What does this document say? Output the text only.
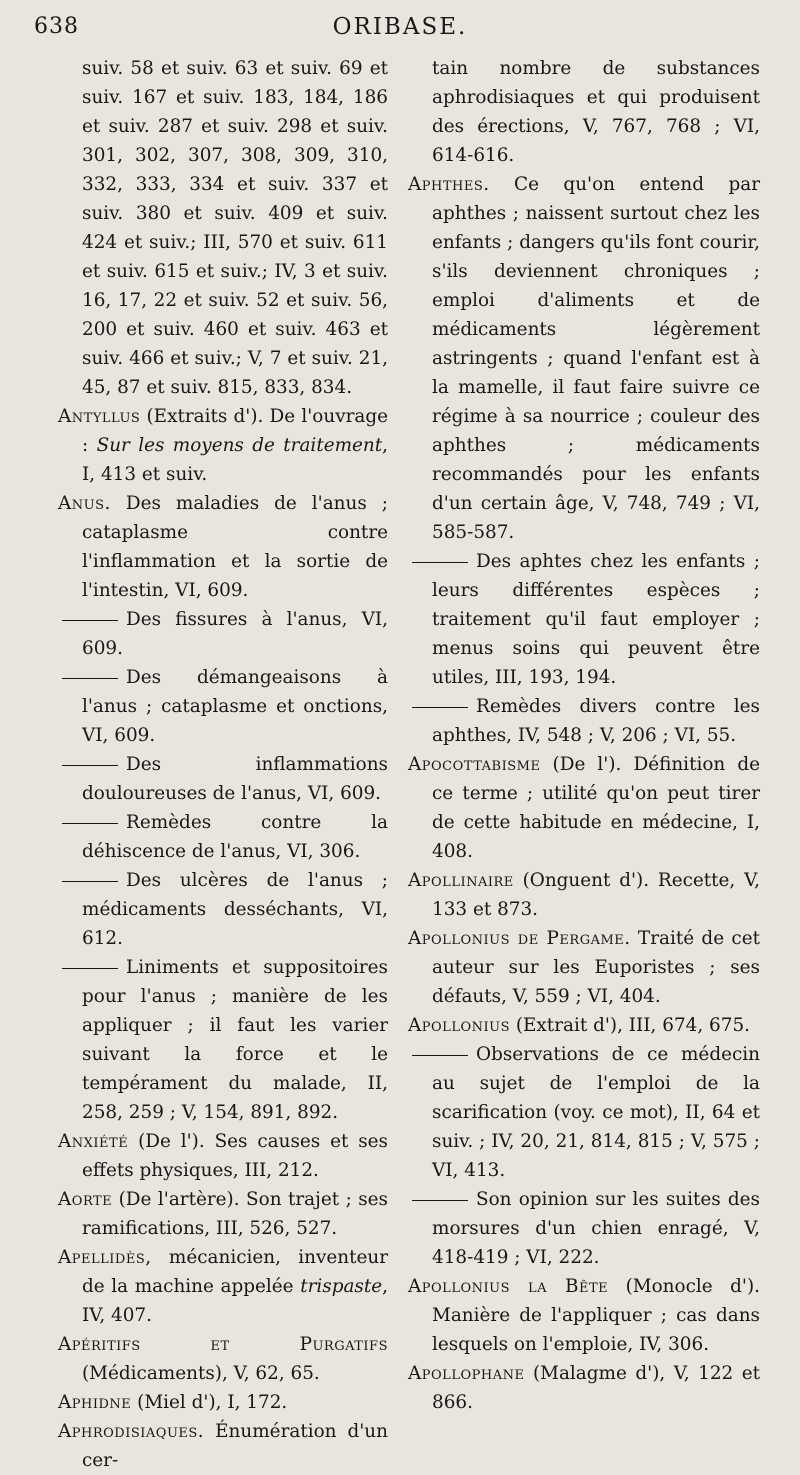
638	ORIBASE.

suiv. 58 et suiv. 63 et suiv. 69 et suiv. 167 et suiv. 183, 184, 186 et suiv. 287 et suiv. 298 et suiv. 301, 302, 307, 308, 309, 310, 332, 333, 334 et suiv. 337 et suiv. 380 et suiv. 409 et suiv. 424 et suiv.; III, 570 et suiv. 611 et suiv. 615 et suiv.; IV, 3 et suiv. 16, 17, 22 et suiv. 52 et suiv. 56, 200 et suiv. 460 et suiv. 463 et suiv. 466 et suiv.; V, 7 et suiv. 21, 45, 87 et suiv. 815, 833, 834.

Antyllus (Extraits d'). De l'ouvrage : Sur les moyens de traitement, I, 413 et suiv.

Anus. Des maladies de l'anus ; cataplasme contre l'inflammation et la sortie de l'intestin, VI, 609.

Des fissures à l'anus, VI, 609.

Des démangeaisons à l'anus ; cataplasme et onctions, VI, 609.

Des inflammations douloureuses de l'anus, VI, 609.

Remèdes contre la déhiscence de l'anus, VI, 306.

Des ulcères de l'anus ; médicaments desséchants, VI, 612.

Liniments et suppositoires pour l'anus ; manière de les appliquer ; il faut les varier suivant la force et le tempérament du malade, II, 258, 259 ; V, 154, 891, 892.

Anxiété (De l'). Ses causes et ses effets physiques, III, 212.

Aorte (De l'artère). Son trajet ; ses ramifications, III, 526, 527.

Apellidès, mécanicien, inventeur de la machine appelée trispaste, IV, 407.

Apéritifs et Purgatifs (Médicaments), V, 62, 65.

Aphidne (Miel d'), I, 172.

Aphrodisiaques. Énumération d'un cer-

tain nombre de substances aphrodisiaques et qui produisent des érections, V, 767, 768 ; VI, 614-616.

Aphthes. Ce qu'on entend par aphthes ; naissent surtout chez les enfants ; dangers qu'ils font courir, s'ils deviennent chroniques ; emploi d'aliments et de médicaments légèrement astringents ; quand l'enfant est à la mamelle, il faut faire suivre ce régime à sa nourrice ; couleur des aphthes ; médicaments recommandés pour les enfants d'un certain âge, V, 748, 749 ; VI, 585-587.

Des aphtes chez les enfants ; leurs différentes espèces ; traitement qu'il faut employer ; menus soins qui peuvent être utiles, III, 193, 194.

Remèdes divers contre les aphthes, IV, 548 ; V, 206 ; VI, 55.

Apocottabisme (De l'). Définition de ce terme ; utilité qu'on peut tirer de cette habitude en médecine, I, 408.

Apollinaire (Onguent d'). Recette, V, 133 et 873.

Apollonius de Pergame. Traité de cet auteur sur les Euporistes ; ses défauts, V, 559 ; VI, 404.

Apollonius (Extrait d'), III, 674, 675.

Observations de ce médecin au sujet de l'emploi de la scarification (voy. ce mot), II, 64 et suiv. ; IV, 20, 21, 814, 815 ; V, 575 ; VI, 413.

Son opinion sur les suites des morsures d'un chien enragé, V, 418-419 ; VI, 222.

Apollonius la Bête (Monocle d'). Manière de l'appliquer ; cas dans lesquels on l'emploie, IV, 306.

Apollophane (Malagme d'), V, 122 et 866.
